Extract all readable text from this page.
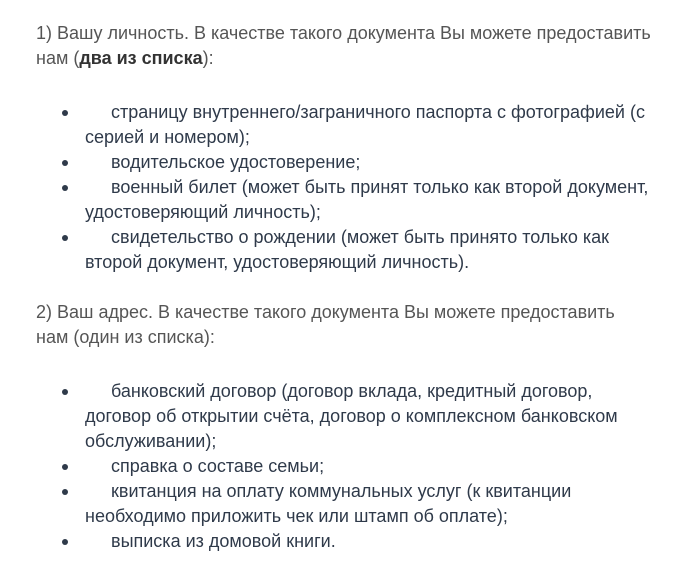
1) Вашу личность. В качестве такого документа Вы можете предоставить нам (два из списка):

страницу внутреннего/заграничного паспорта с фотографией (с серией и номером);
водительское удостоверение;
военный билет (может быть принят только как второй документ, удостоверяющий личность);
свидетельство о рождении (может быть принято только как второй документ, удостоверяющий личность).

2) Ваш адрес. В качестве такого документа Вы можете предоставить нам (один из списка):

банковский договор (договор вклада, кредитный договор, договор об открытии счёта, договор о комплексном банковском обслуживании);
справка о составе семьи;
квитанция на оплату коммунальных услуг (к квитанции необходимо приложить чек или штамп об оплате);
выписка из домовой книги.
